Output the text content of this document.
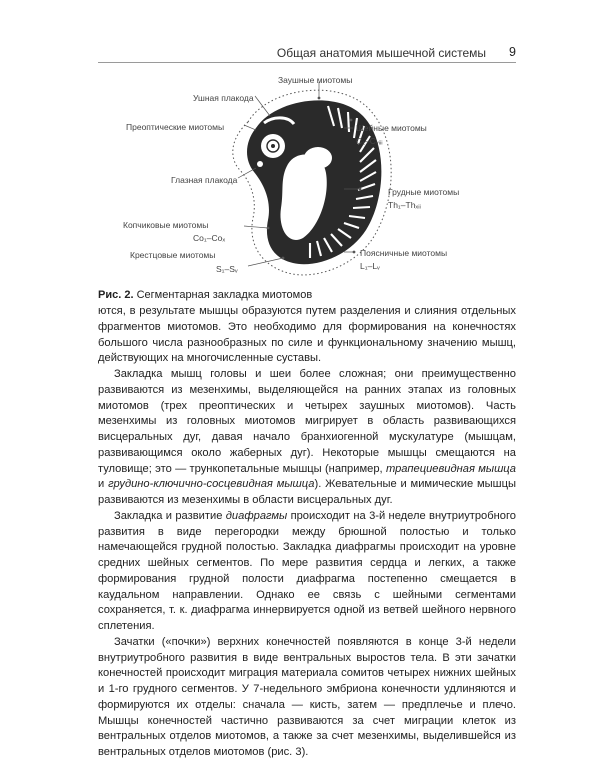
Общая анатомия мышечной системы 9
Заушные миотомы
Ушная плакода
Преоптические миотомы
Глазная плакода
Копчиковые миотомы
Co₁–Coₓ
Крестцовые миотомы
S₁–Sᵥ
Шейные миотомы
C₁–Cᵥᵢᵢᵢ
Грудные миотомы
Th₁–Thₓᵢᵢ
Поясничные миотомы
L₁–Lᵥ
Рис. 2. Сегментарная закладка миотомов

ются, в результате мышцы образуются путем разделения и слияния отдельных фрагментов миотомов. Это необходимо для формирования на конечностях большого числа разнообразных по силе и функциональному значению мышц, действующих на многочисленные суставы.

Закладка мышц головы и шеи более сложная; они преимущественно развиваются из мезенхимы, выделяющейся на ранних этапах из головных миотомов (трех преоптических и четырех заушных миотомов). Часть мезенхимы из головных миотомов мигрирует в область развивающихся висцеральных дуг, давая начало бранхиогенной мускулатуре (мышцам, развивающимся около жаберных дуг). Некоторые мышцы смещаются на туловище; это — трункопетальные мышцы (например, трапециевидная мышца и грудино-ключично-сосцевидная мышца). Жевательные и мимические мышцы развиваются из мезенхимы в области висцеральных дуг.

Закладка и развитие диафрагмы происходит на 3-й неделе внутриутробного развития в виде перегородки между брюшной полостью и только намечающейся грудной полостью. Закладка диафрагмы происходит на уровне средних шейных сегментов. По мере развития сердца и легких, а также формирования грудной полости диафрагма постепенно смещается в каудальном направлении. Однако ее связь с шейными сегментами сохраняется, т. к. диафрагма иннервируется одной из ветвей шейного нервного сплетения.

Зачатки («почки») верхних конечностей появляются в конце 3-й недели внутриутробного развития в виде вентральных выростов тела. В эти зачатки конечностей происходит миграция материала сомитов четырех нижних шейных и 1-го грудного сегментов. У 7-недельного эмбриона конечности удлиняются и формируются их отделы: сначала — кисть, затем — предплечье и плечо. Мышцы конечностей частично развиваются за счет миграции клеток из вентральных отделов миотомов, а также за счет мезенхимы, выделившейся из вентральных отделов миотомов (рис. 3).
